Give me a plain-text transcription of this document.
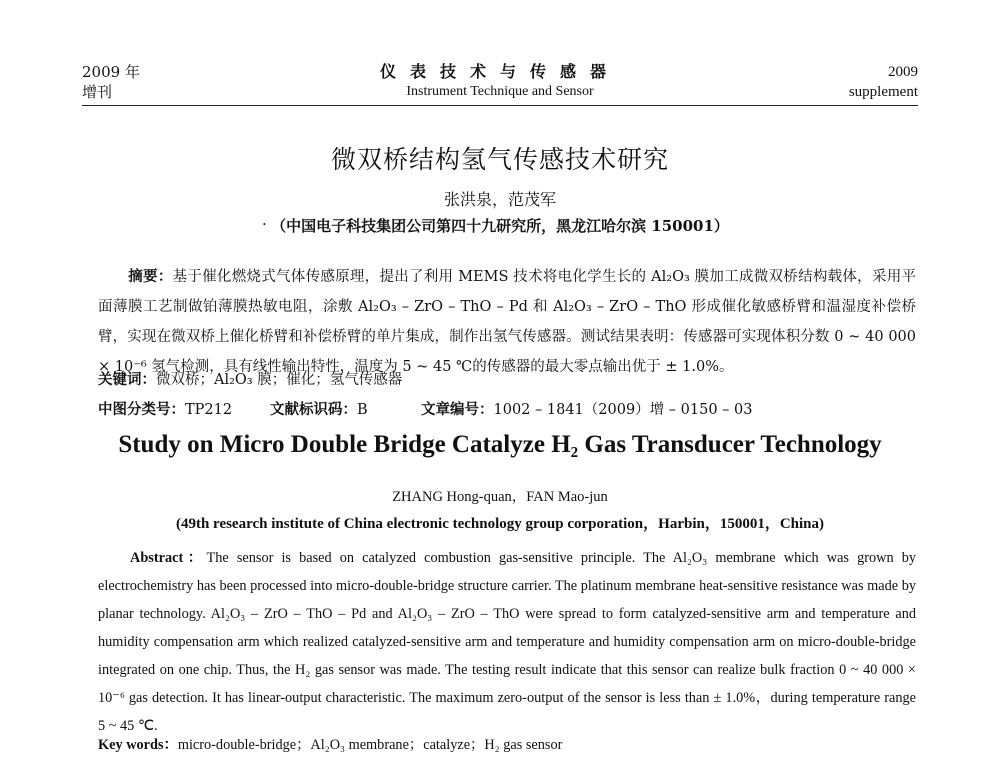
2009 年
增刊
仪表技术与传感器
Instrument Technique and Sensor
2009
supplement
微双桥结构氢气传感技术研究
张洪泉，范茂军
· （中国电子科技集团公司第四十九研究所，黑龙江哈尔滨 150001）
摘要：基于催化燃烧式气体传感原理，提出了利用 MEMS 技术将电化学生长的 Al₂O₃ 膜加工成微双桥结构载体，采用平面薄膜工艺制做铂薄膜热敏电阻，涂敷 Al₂O₃ – ZrO – ThO – Pd 和 Al₂O₃ – ZrO – ThO 形成催化敏感桥臂和温湿度补偿桥臂，实现在微双桥上催化桥臂和补偿桥臂的单片集成，制作出氢气传感器。测试结果表明：传感器可实现体积分数 0 ~ 40 000 × 10⁻⁶ 氢气检测，具有线性输出特性，温度为 5 ~ 45 ℃的传感器的最大零点输出优于 ± 1.0%。
关键词：微双桥；Al₂O₃ 膜；催化；氢气传感器
中图分类号：TP212	文献标识码：B	文章编号：1002 – 1841（2009）增 – 0150 – 03
Study on Micro Double Bridge Catalyze H₂ Gas Transducer Technology
ZHANG Hong-quan，FAN Mao-jun
(49th research institute of China electronic technology group corporation，Harbin，150001，China)
Abstract：The sensor is based on catalyzed combustion gas-sensitive principle. The Al₂O₃ membrane which was grown by electrochemistry has been processed into micro-double-bridge structure carrier. The platinum membrane heat-sensitive resistance was made by planar technology. Al₂O₃ – ZrO – ThO – Pd and Al₂O₃ – ZrO – ThO were spread to form catalyzed-sensitive arm and temperature and humidity compensation arm which realized catalyzed-sensitive arm and temperature and humidity compensation arm on micro-double-bridge integrated on one chip. Thus, the H₂ gas sensor was made. The testing result indicate that this sensor can realize bulk fraction 0 ~ 40 000 × 10⁻⁶ gas detection. It has linear-output characteristic. The maximum zero-output of the sensor is less than ± 1.0%，during temperature range 5 ~ 45 ℃.
Key words：micro-double-bridge；Al₂O₃ membrane；catalyze；H₂ gas sensor
